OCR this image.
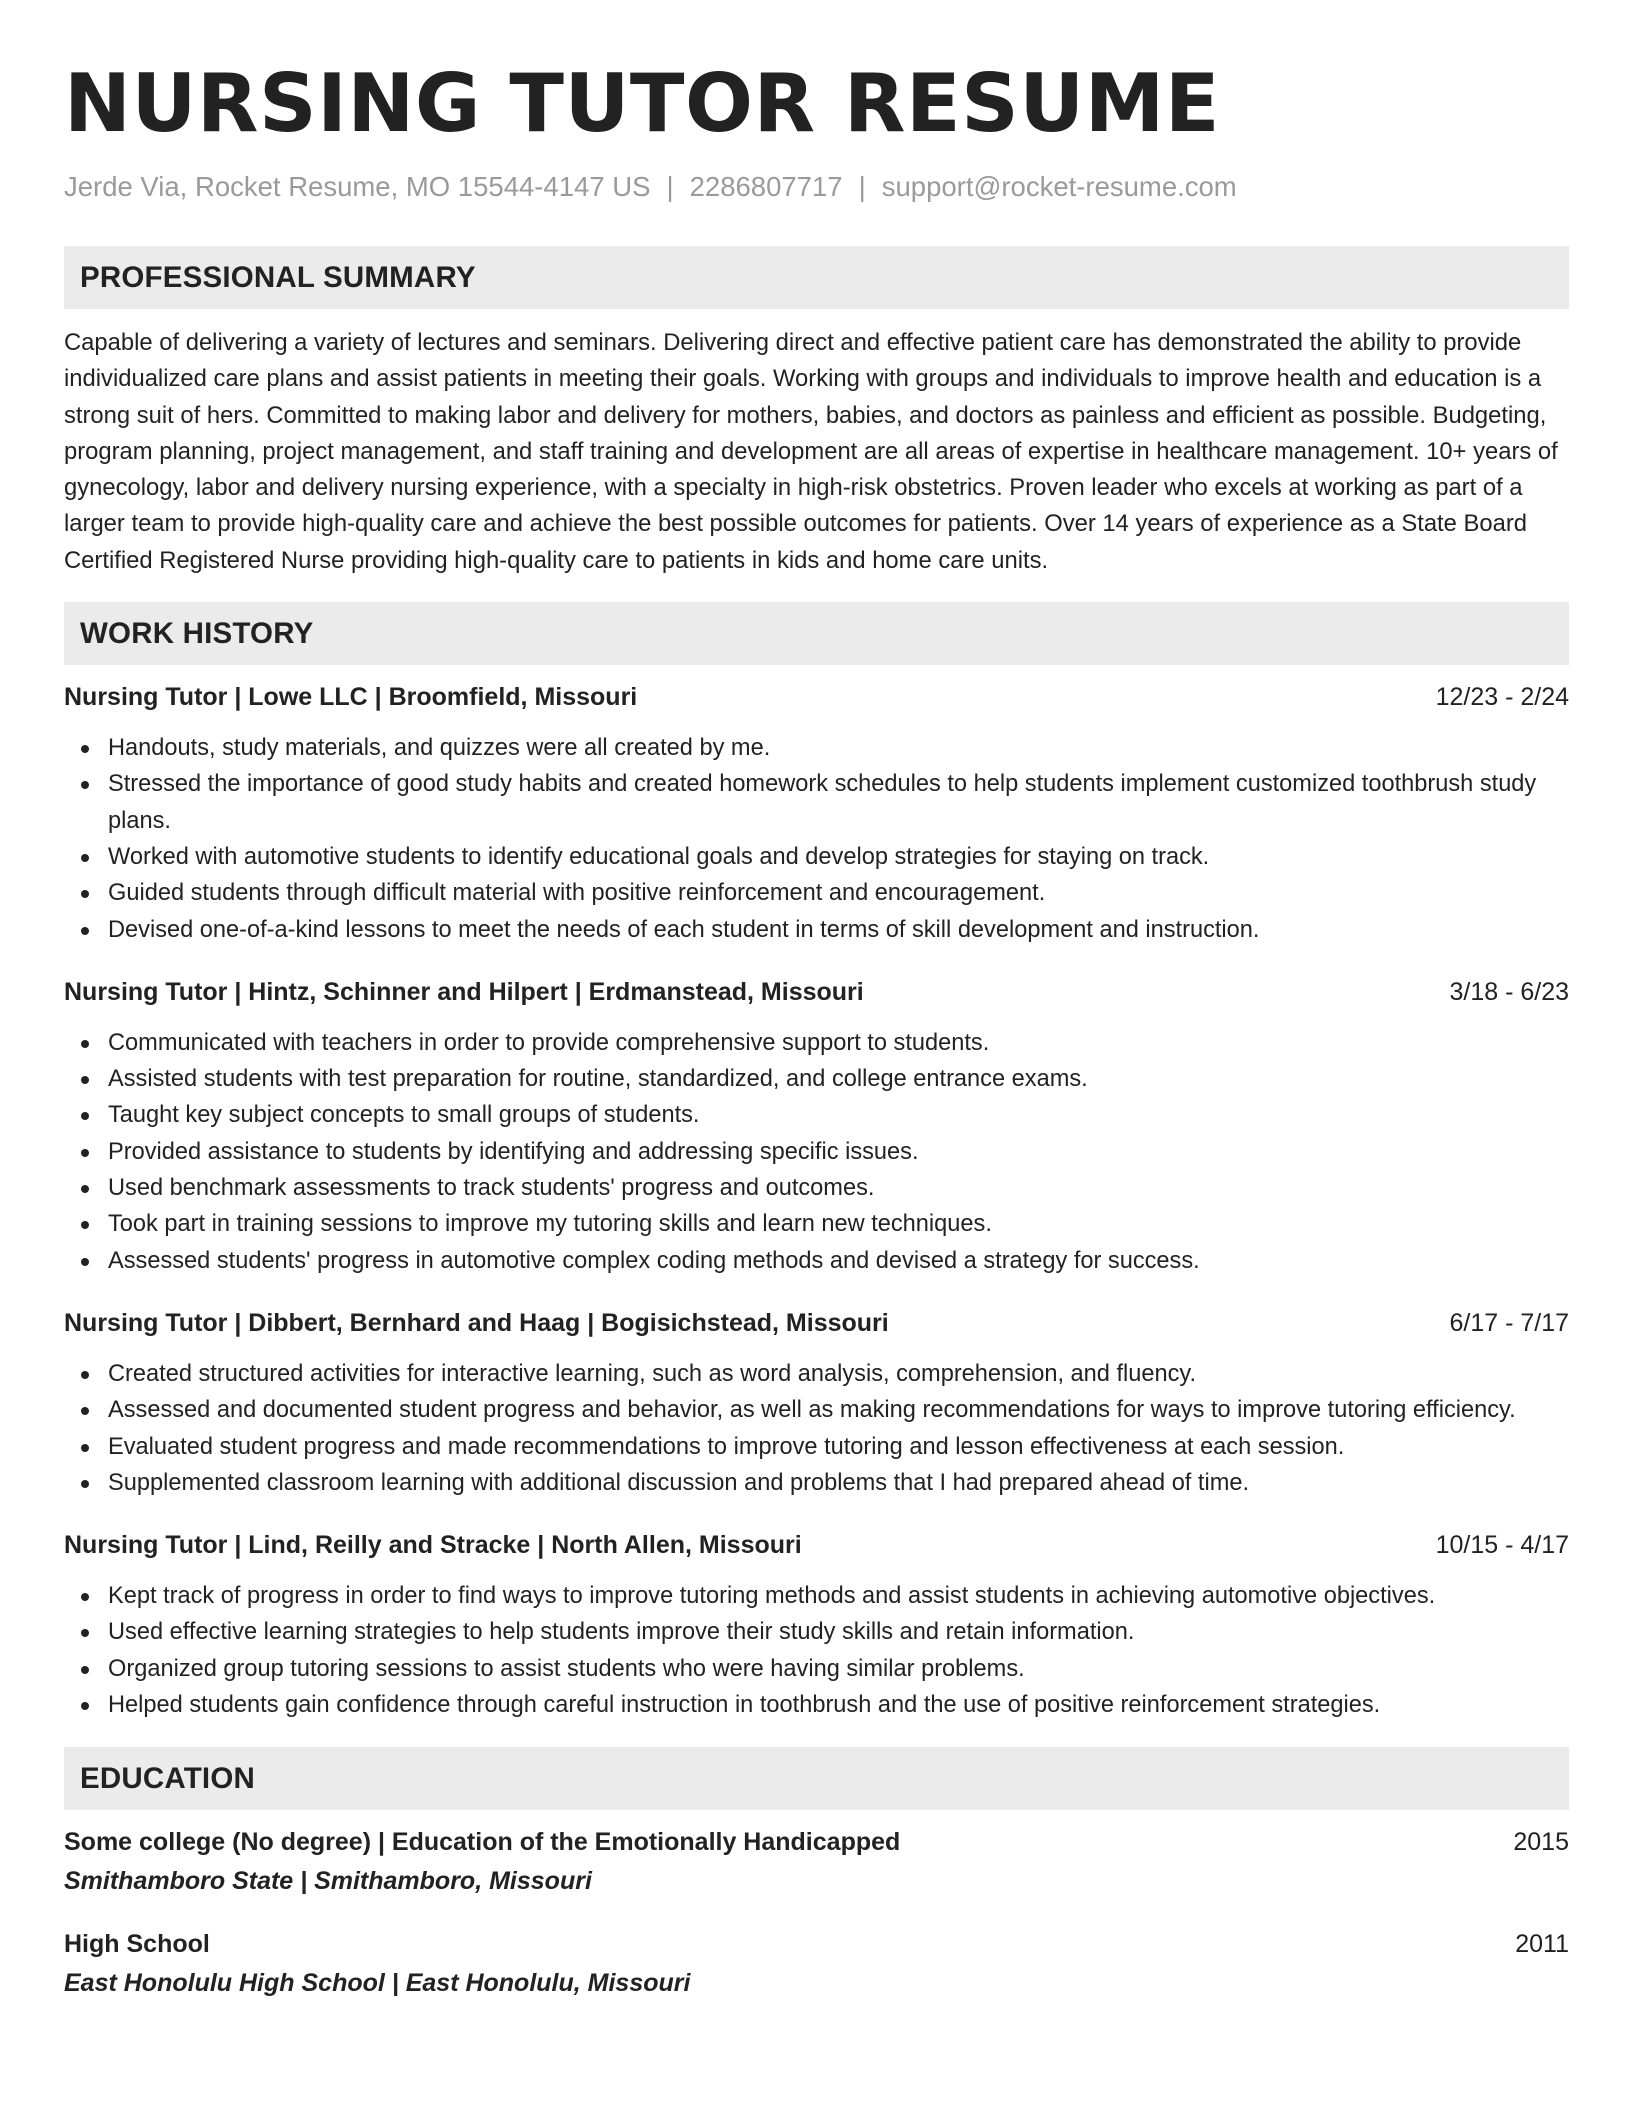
NURSING TUTOR RESUME
Jerde Via, Rocket Resume, MO 15544-4147 US | 2286807717 | support@rocket-resume.com
PROFESSIONAL SUMMARY

Capable of delivering a variety of lectures and seminars. Delivering direct and effective patient care has demonstrated the ability to provide individualized care plans and assist patients in meeting their goals. Working with groups and individuals to improve health and education is a strong suit of hers. Committed to making labor and delivery for mothers, babies, and doctors as painless and efficient as possible. Budgeting, program planning, project management, and staff training and development are all areas of expertise in healthcare management. 10+ years of gynecology, labor and delivery nursing experience, with a specialty in high-risk obstetrics. Proven leader who excels at working as part of a larger team to provide high-quality care and achieve the best possible outcomes for patients. Over 14 years of experience as a State Board Certified Registered Nurse providing high-quality care to patients in kids and home care units.

WORK HISTORY
Nursing Tutor | Lowe LLC | Broomfield, Missouri	12/23 - 2/24
Handouts, study materials, and quizzes were all created by me.
Stressed the importance of good study habits and created homework schedules to help students implement customized toothbrush study plans.
Worked with automotive students to identify educational goals and develop strategies for staying on track.
Guided students through difficult material with positive reinforcement and encouragement.
Devised one-of-a-kind lessons to meet the needs of each student in terms of skill development and instruction.
Nursing Tutor | Hintz, Schinner and Hilpert | Erdmanstead, Missouri	3/18 - 6/23
Communicated with teachers in order to provide comprehensive support to students.
Assisted students with test preparation for routine, standardized, and college entrance exams.
Taught key subject concepts to small groups of students.
Provided assistance to students by identifying and addressing specific issues.
Used benchmark assessments to track students' progress and outcomes.
Took part in training sessions to improve my tutoring skills and learn new techniques.
Assessed students' progress in automotive complex coding methods and devised a strategy for success.
Nursing Tutor | Dibbert, Bernhard and Haag | Bogisichstead, Missouri	6/17 - 7/17
Created structured activities for interactive learning, such as word analysis, comprehension, and fluency.
Assessed and documented student progress and behavior, as well as making recommendations for ways to improve tutoring efficiency.
Evaluated student progress and made recommendations to improve tutoring and lesson effectiveness at each session.
Supplemented classroom learning with additional discussion and problems that I had prepared ahead of time.
Nursing Tutor | Lind, Reilly and Stracke | North Allen, Missouri	10/15 - 4/17
Kept track of progress in order to find ways to improve tutoring methods and assist students in achieving automotive objectives.
Used effective learning strategies to help students improve their study skills and retain information.
Organized group tutoring sessions to assist students who were having similar problems.
Helped students gain confidence through careful instruction in toothbrush and the use of positive reinforcement strategies.
EDUCATION
Some college (No degree) | Education of the Emotionally Handicapped	2015
Smithamboro State | Smithamboro, Missouri
High School	2011
East Honolulu High School | East Honolulu, Missouri
